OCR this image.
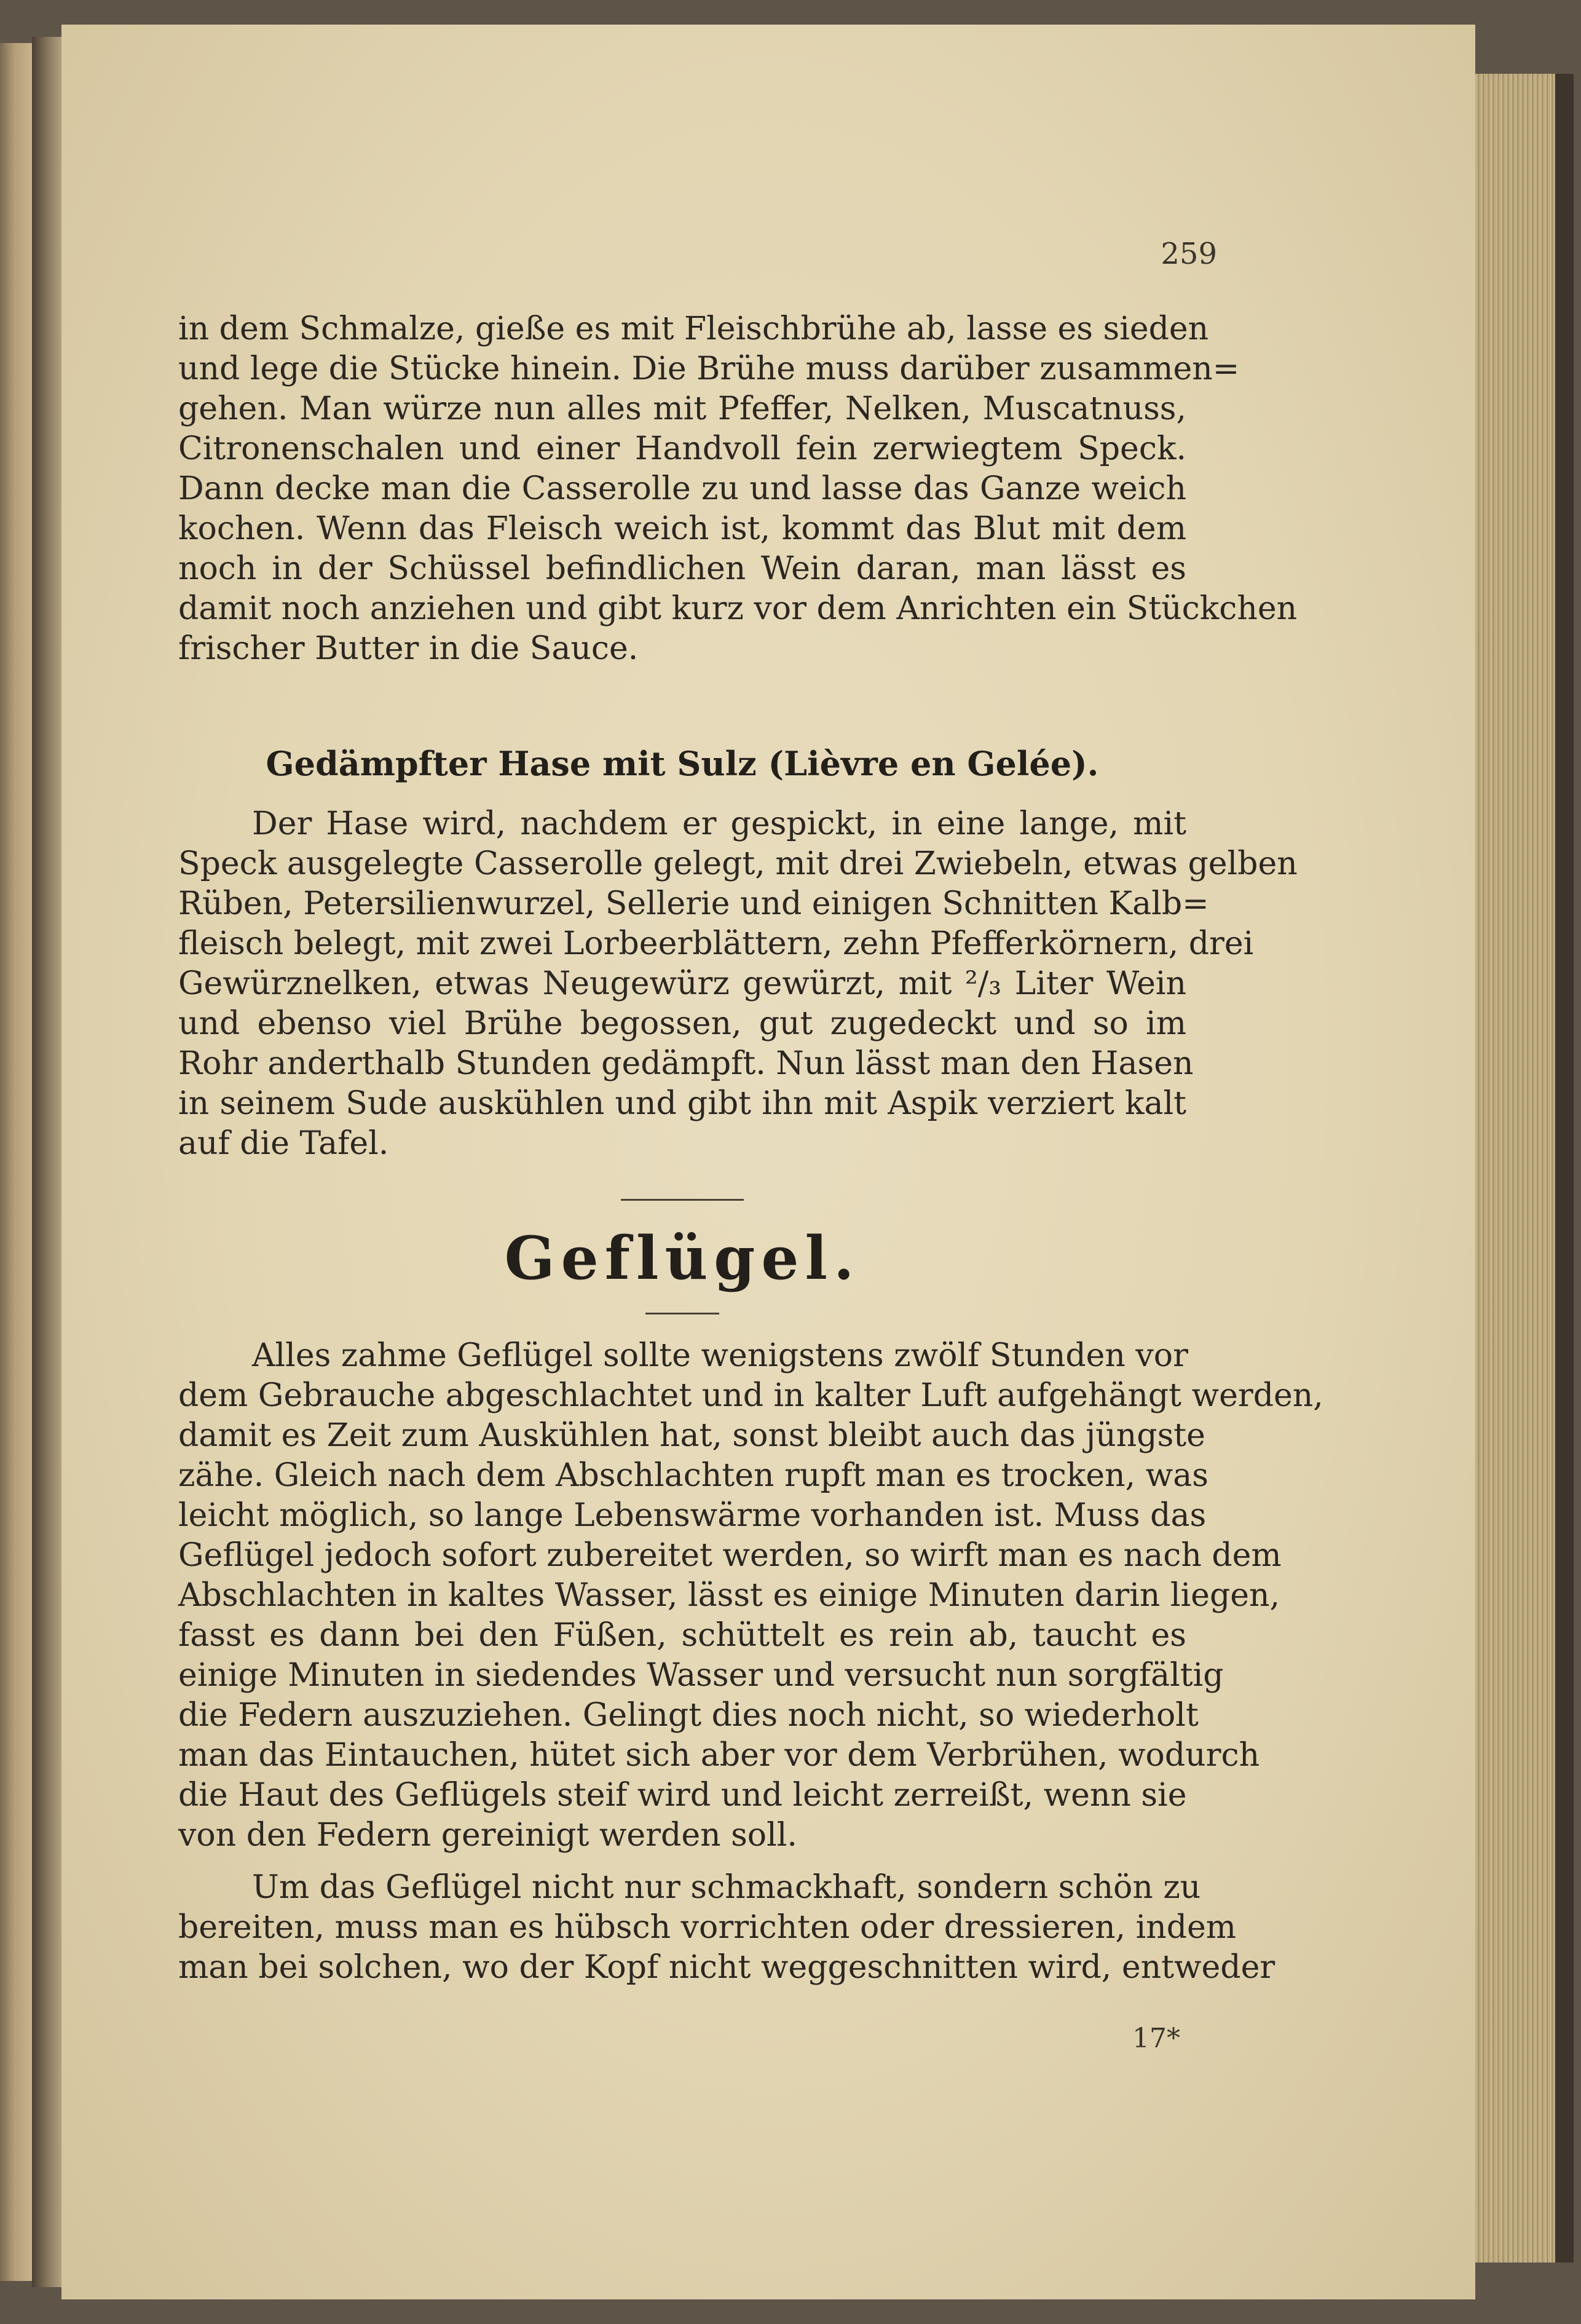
259
in dem Schmalze, gieße es mit Fleischbrühe ab, lasse es sieden
und lege die Stücke hinein. Die Brühe muss darüber zusammen=
gehen. Man würze nun alles mit Pfeffer, Nelken, Muscatnuss,
Citronenschalen und einer Handvoll fein zerwiegtem Speck.
Dann decke man die Casserolle zu und lasse das Ganze weich
kochen. Wenn das Fleisch weich ist, kommt das Blut mit dem
noch in der Schüssel befindlichen Wein daran, man lässt es
damit noch anziehen und gibt kurz vor dem Anrichten ein Stückchen
frischer Butter in die Sauce.
Gedämpfter Hase mit Sulz (Lièvre en Gelée).
Der Hase wird, nachdem er gespickt, in eine lange, mit
Speck ausgelegte Casserolle gelegt, mit drei Zwiebeln, etwas gelben
Rüben, Petersilienwurzel, Sellerie und einigen Schnitten Kalb=
fleisch belegt, mit zwei Lorbeerblättern, zehn Pfefferkörnern, drei
Gewürznelken, etwas Neugewürz gewürzt, mit ²/₃ Liter Wein
und ebenso viel Brühe begossen, gut zugedeckt und so im
Rohr anderthalb Stunden gedämpft. Nun lässt man den Hasen
in seinem Sude auskühlen und gibt ihn mit Aspik verziert kalt
auf die Tafel.
Geflügel.
Alles zahme Geflügel sollte wenigstens zwölf Stunden vor
dem Gebrauche abgeschlachtet und in kalter Luft aufgehängt werden,
damit es Zeit zum Auskühlen hat, sonst bleibt auch das jüngste
zähe. Gleich nach dem Abschlachten rupft man es trocken, was
leicht möglich, so lange Lebenswärme vorhanden ist. Muss das
Geflügel jedoch sofort zubereitet werden, so wirft man es nach dem
Abschlachten in kaltes Wasser, lässt es einige Minuten darin liegen,
fasst es dann bei den Füßen, schüttelt es rein ab, taucht es
einige Minuten in siedendes Wasser und versucht nun sorgfältig
die Federn auszuziehen. Gelingt dies noch nicht, so wiederholt
man das Eintauchen, hütet sich aber vor dem Verbrühen, wodurch
die Haut des Geflügels steif wird und leicht zerreißt, wenn sie
von den Federn gereinigt werden soll.
Um das Geflügel nicht nur schmackhaft, sondern schön zu
bereiten, muss man es hübsch vorrichten oder dressieren, indem
man bei solchen, wo der Kopf nicht weggeschnitten wird, entweder
17*
